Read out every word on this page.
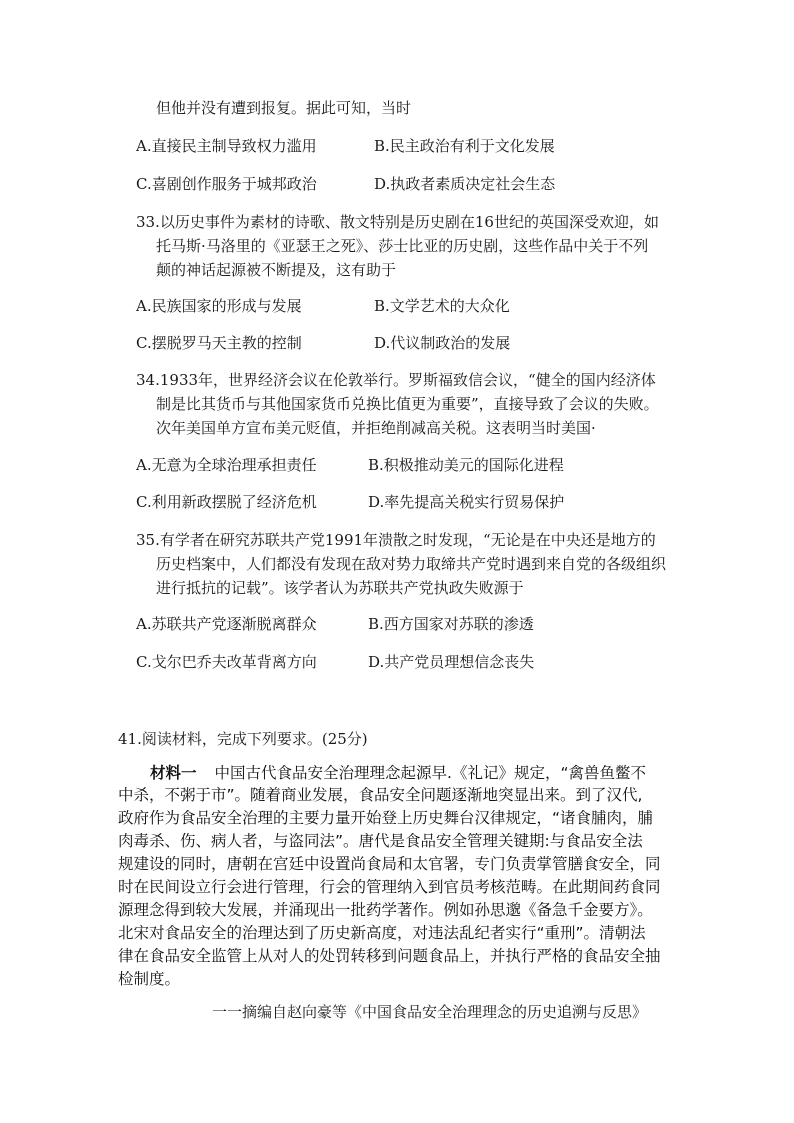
但他并没有遭到报复。据此可知，当时
A.直接民主制导致权力滥用	B.民主政治有利于文化发展
C.喜剧创作服务于城邦政治	D.执政者素质决定社会生态
33.以历史事件为素材的诗歌、散文特别是历史剧在16世纪的英国深受欢迎，如
托马斯·马洛里的《亚瑟王之死》、莎士比亚的历史剧，这些作品中关于不列
颠的神话起源被不断提及，这有助于
A.民族国家的形成与发展	B.文学艺术的大众化
C.摆脱罗马天主教的控制	D.代议制政治的发展
34.1933年，世界经济会议在伦敦举行。罗斯福致信会议，“健全的国内经济体
制是比其货币与其他国家货币兑换比值更为重要”，直接导致了会议的失败。
次年美国单方宣布美元贬值，并拒绝削减高关税。这表明当时美国·
A.无意为全球治理承担责任	B.积极推动美元的国际化进程
C.利用新政摆脱了经济危机	D.率先提高关税实行贸易保护
35.有学者在研究苏联共产党1991年溃散之时发现，“无论是在中央还是地方的
历史档案中，人们都没有发现在敌对势力取缔共产党时遇到来自党的各级组织
进行抵抗的记载”。该学者认为苏联共产党执政失败源于
A.苏联共产党逐渐脱离群众	B.西方国家对苏联的渗透
C.戈尔巴乔夫改革背离方向	D.共产党员理想信念丧失
41.阅读材料，完成下列要求。(25分)
材料一 中国古代食品安全治理理念起源早.《礼记》规定，“禽兽鱼鳖不
中杀，不粥于市”。随着商业发展，食品安全问题逐渐地突显出来。到了汉代,
政府作为食品安全治理的主要力量开始登上历史舞台汉律规定，“诸食脯肉，脯
肉毒杀、伤、病人者，与盗同法”。唐代是食品安全管理关键期:与食品安全法
规建设的同时，唐朝在宫廷中设置尚食局和太官署，专门负责掌管膳食安全，同
时在民间设立行会进行管理，行会的管理纳入到官员考核范畴。在此期间药食同
源理念得到较大发展，并涌现出一批药学著作。例如孙思邈《备急千金要方》。
北宋对食品安全的治理达到了历史新高度，对违法乱纪者实行“重刑”。清朝法
律在食品安全监管上从对人的处罚转移到问题食品上，并执行严格的食品安全抽
检制度。
一一摘编自赵向豪等《中国食品安全治理理念的历史追溯与反思》
